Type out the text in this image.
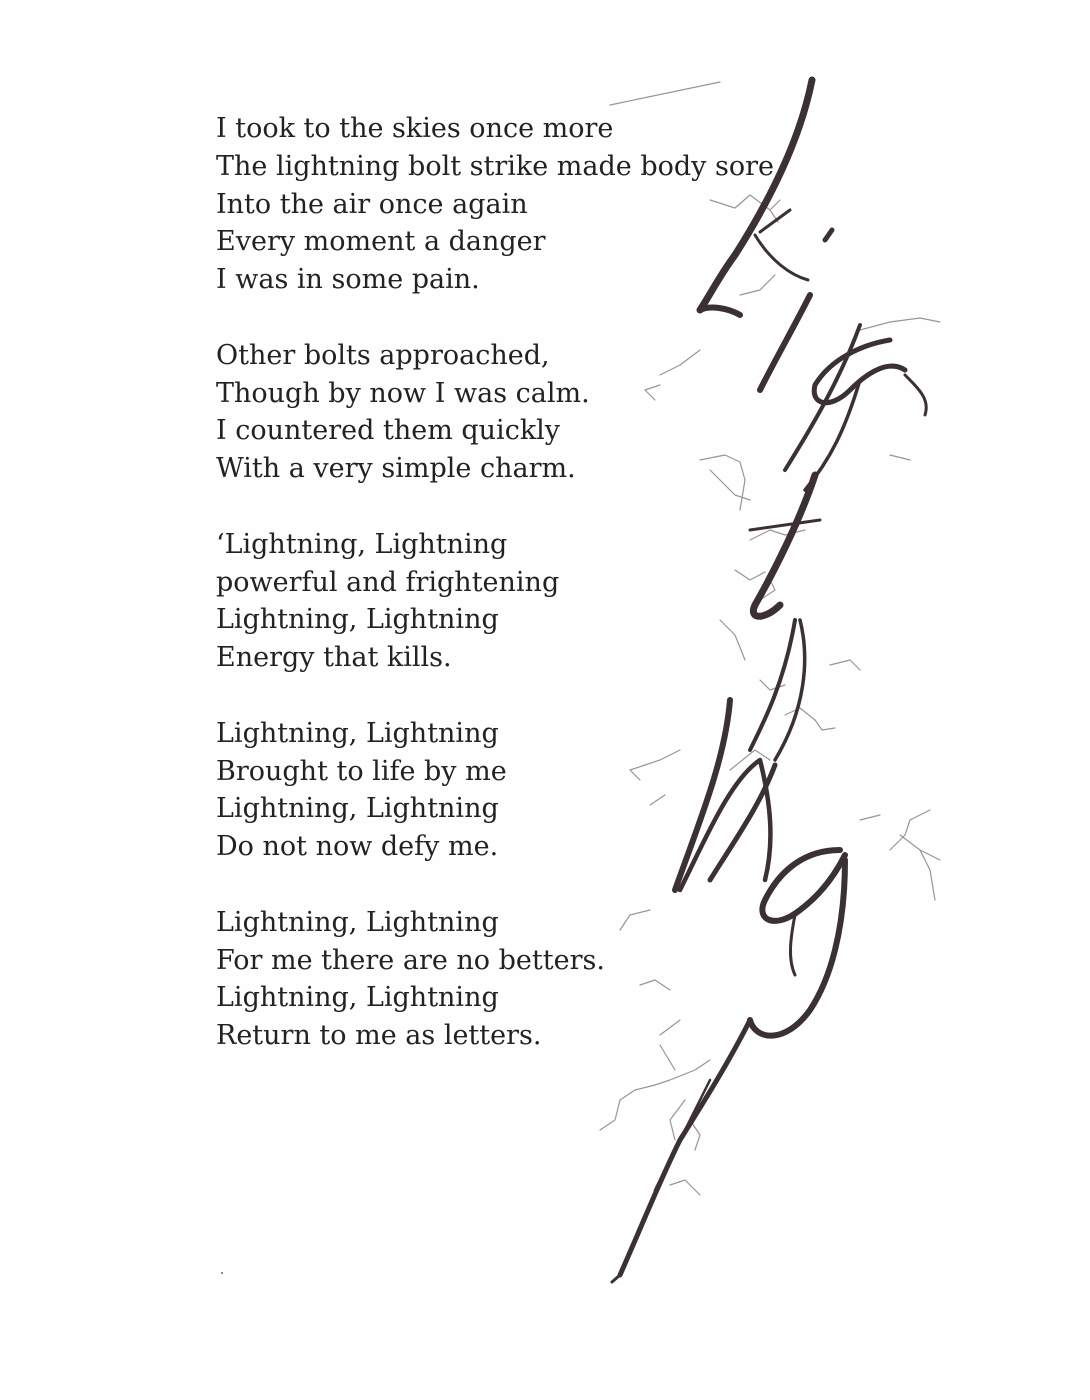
I took to the skies once more
The lightning bolt strike made body sore.
Into the air once again
Every moment a danger
I was in some pain.
Other bolts approached,
Though by now I was calm.
I countered them quickly
With a very simple charm.
‘Lightning, Lightning
powerful and frightening
Lightning, Lightning
Energy that kills.
Lightning, Lightning
Brought to life by me
Lightning, Lightning
Do not now defy me.
Lightning, Lightning
For me there are no betters.
Lightning, Lightning
Return to me as letters.
